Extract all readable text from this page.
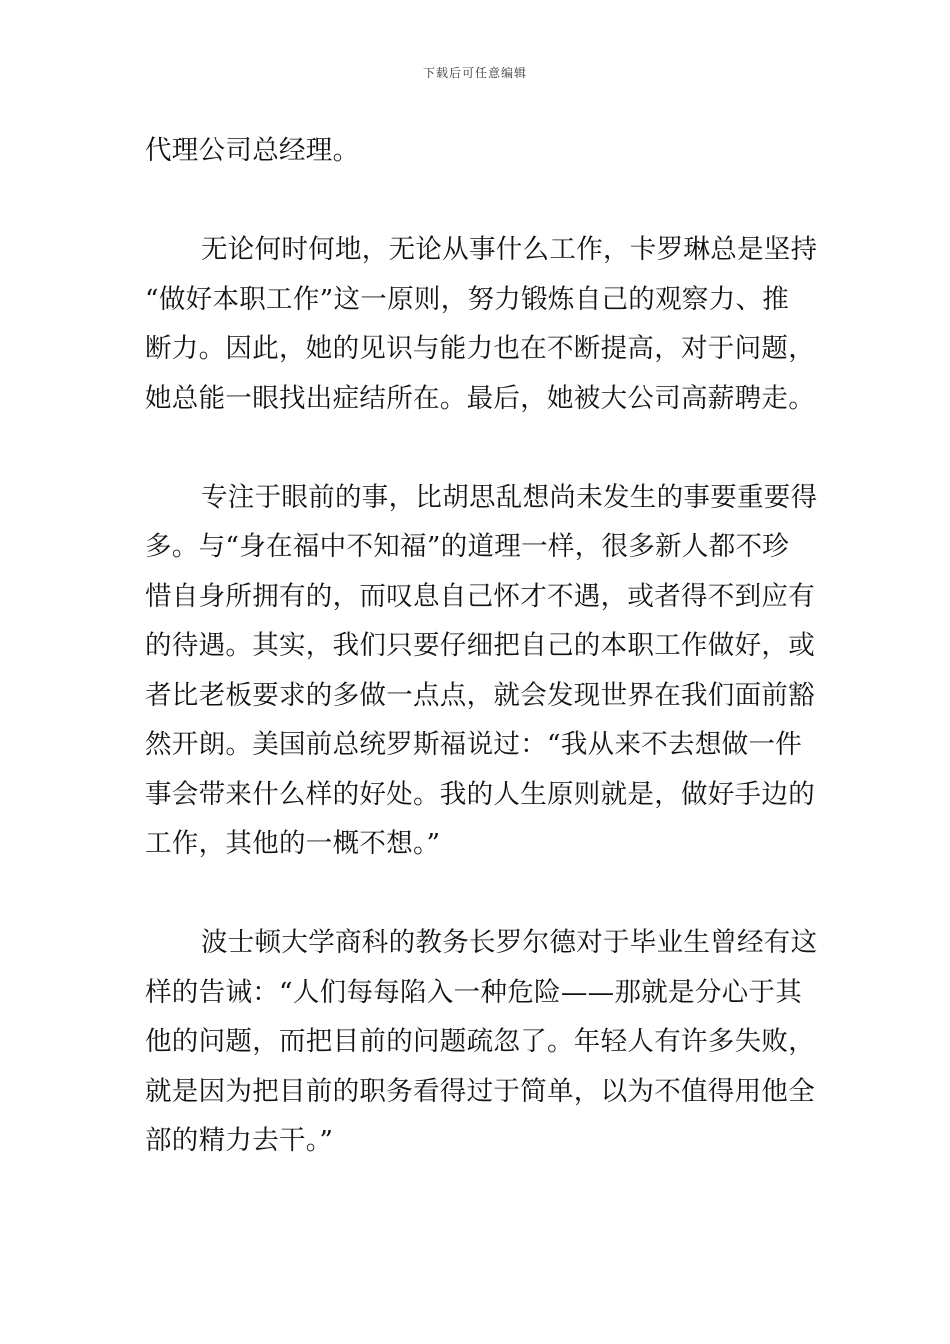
下载后可任意编辑
代理公司总经理。
无论何时何地，无论从事什么工作，卡罗琳总是坚持
“做好本职工作”这一原则，努力锻炼自己的观察力、推
断力。因此，她的见识与能力也在不断提高，对于问题，
她总能一眼找出症结所在。最后，她被大公司高薪聘走。
专注于眼前的事，比胡思乱想尚未发生的事要重要得
多。与“身在福中不知福”的道理一样，很多新人都不珍
惜自身所拥有的，而叹息自己怀才不遇，或者得不到应有
的待遇。其实，我们只要仔细把自己的本职工作做好，或
者比老板要求的多做一点点，就会发现世界在我们面前豁
然开朗。美国前总统罗斯福说过：“我从来不去想做一件
事会带来什么样的好处。我的人生原则就是，做好手边的
工作，其他的一概不想。”
波士顿大学商科的教务长罗尔德对于毕业生曾经有这
样的告诫：“人们每每陷入一种危险——那就是分心于其
他的问题，而把目前的问题疏忽了。年轻人有许多失败，
就是因为把目前的职务看得过于简单，以为不值得用他全
部的精力去干。”
